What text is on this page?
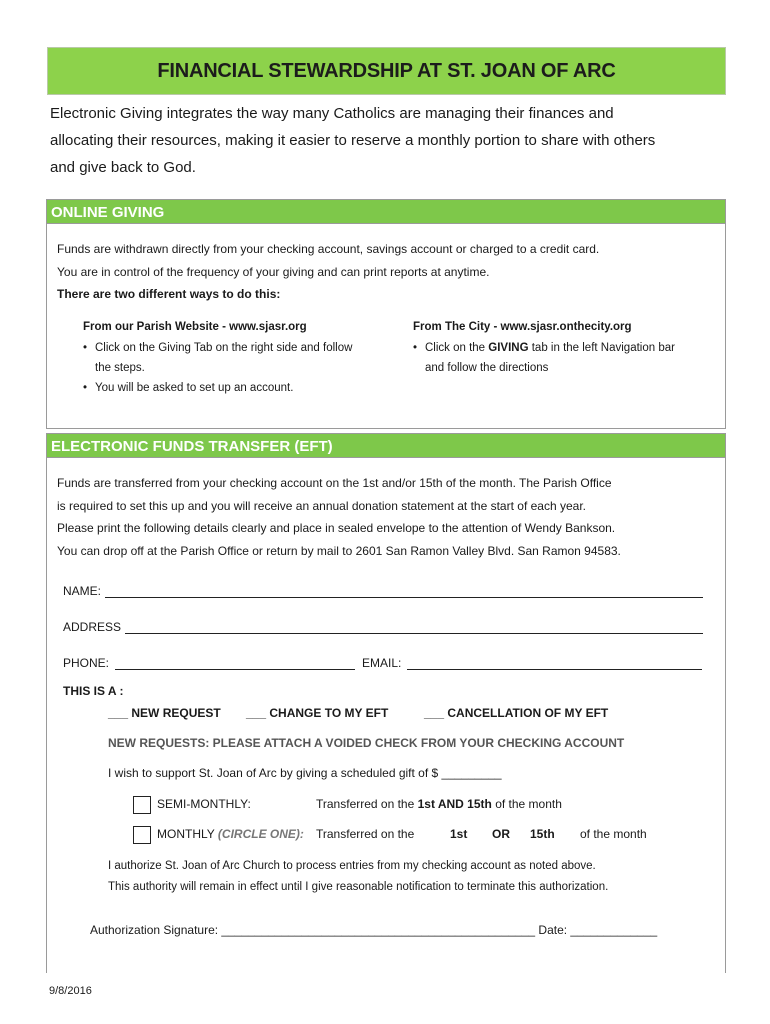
FINANCIAL STEWARDSHIP AT ST. JOAN OF ARC

Electronic Giving integrates the way many Catholics are managing their finances and

allocating their resources, making it easier to reserve a monthly portion to share with others

and give back to God.

ONLINE GIVING

Funds are withdrawn directly from your checking account, savings account or charged to a credit card.

You are in control of the frequency of your giving and can print reports at anytime.

There are two different ways to do this:

From our Parish Website - www.sjasr.org
• Click on the Giving Tab on the right side and follow
the steps.
• You will be asked to set up an account.
From The City - www.sjasr.onthecity.org
• Click on the GIVING tab in the left Navigation bar
and follow the directions
ELECTRONIC FUNDS TRANSFER (EFT)

Funds are transferred from your checking account on the 1st and/or 15th of the month. The Parish Office

is required to set this up and you will receive an annual donation statement at the start of each year.

Please print the following details clearly and place in sealed envelope to the attention of Wendy Bankson.

You can drop off at the Parish Office or return by mail to 2601 San Ramon Valley Blvd. San Ramon 94583.

NAME:
ADDRESS
PHONE:	EMAIL:
THIS IS A :
___ NEW REQUEST ___ CHANGE TO MY EFT	___ CANCELLATION OF MY EFT
NEW REQUESTS: PLEASE ATTACH A VOIDED CHECK FROM YOUR CHECKING ACCOUNT
I wish to support St. Joan of Arc by giving a scheduled gift of $ _________
SEMI-MONTHLY:	Transferred on the 1st AND 15th of the month
MONTHLY (CIRCLE ONE): Transferred on the	1st OR 15th of the month
I authorize St. Joan of Arc Church to process entries from my checking account as noted above.
This authority will remain in effect until I give reasonable notification to terminate this authorization.
Authorization Signature: _______________________________________________ Date: _____________
9/8/2016
